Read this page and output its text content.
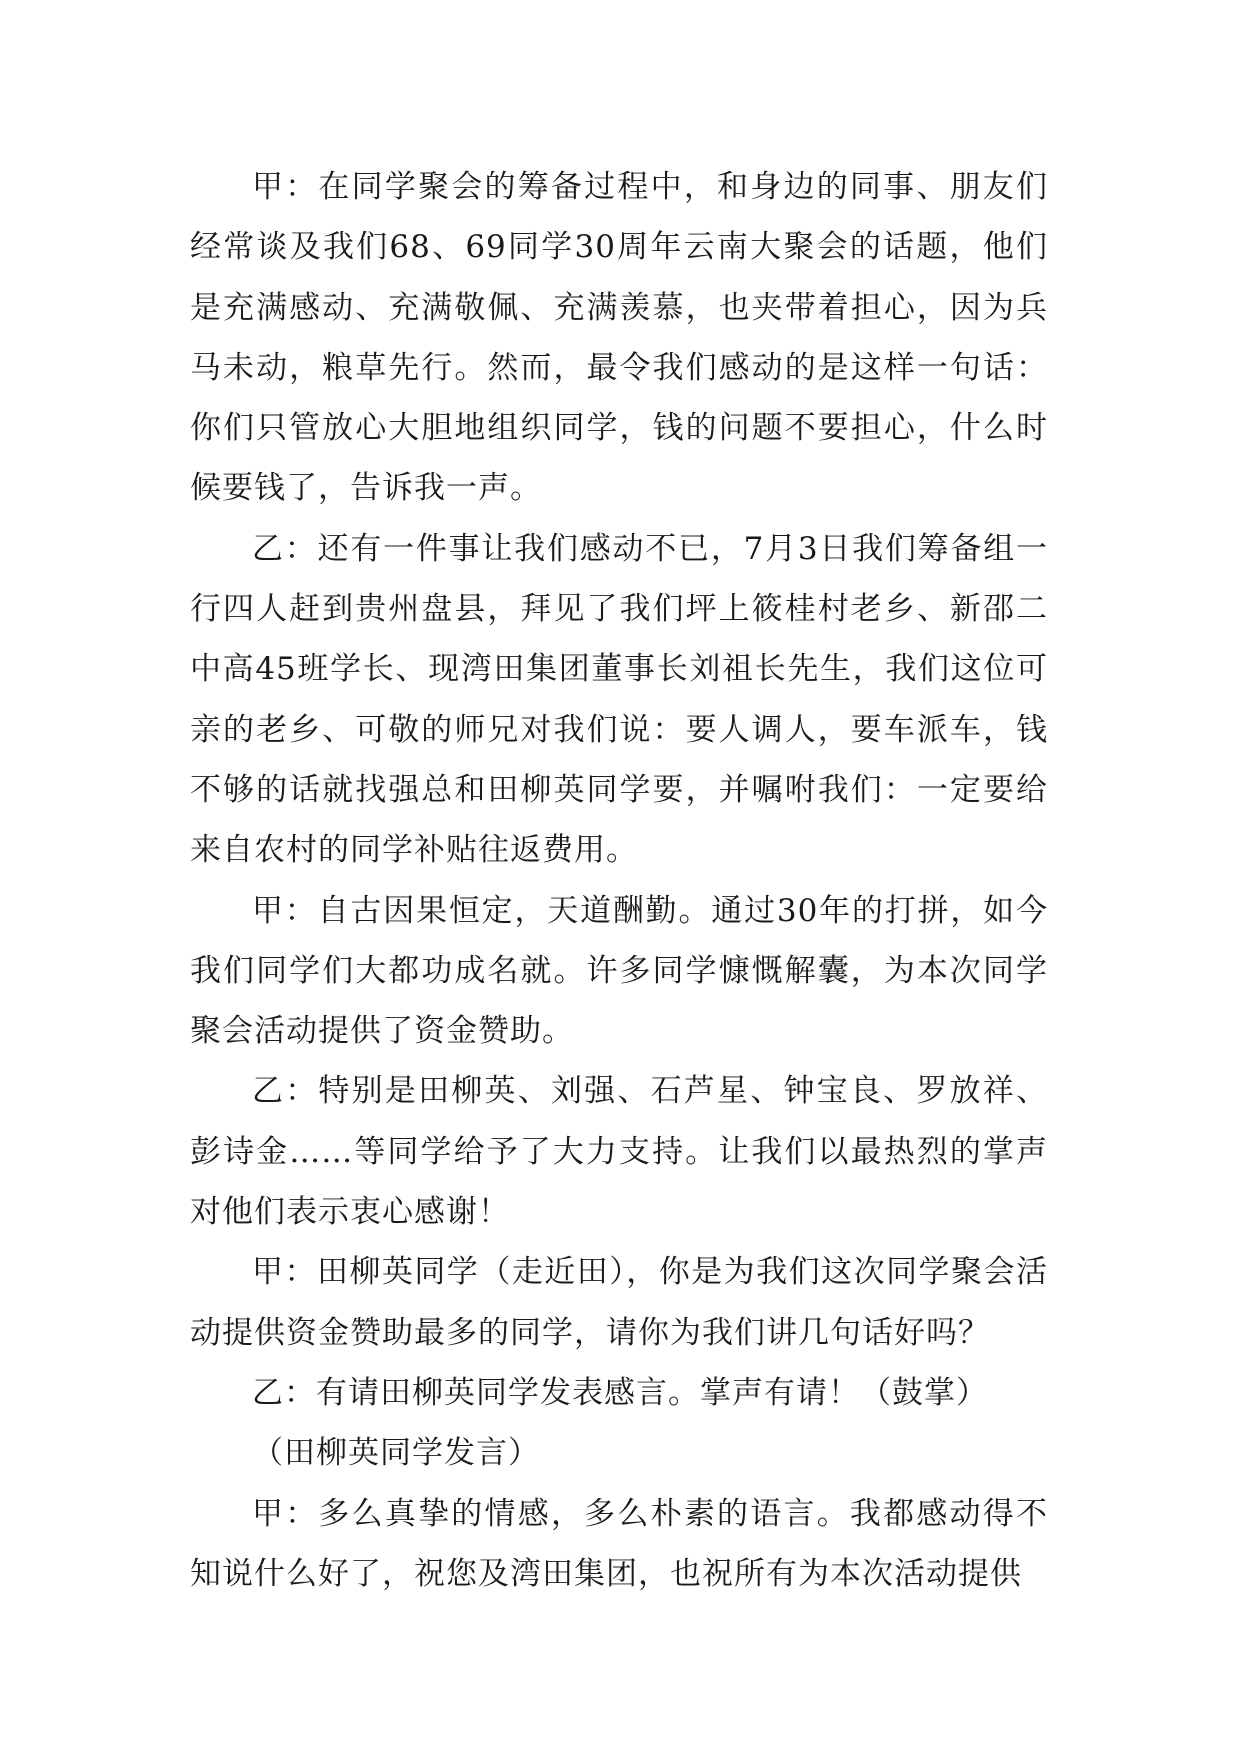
甲：在同学聚会的筹备过程中，和身边的同事、朋友们经常谈及我们68、69同学30周年云南大聚会的话题，他们是充满感动、充满敬佩、充满羡慕，也夹带着担心，因为兵马未动，粮草先行。然而，最令我们感动的是这样一句话：你们只管放心大胆地组织同学，钱的问题不要担心，什么时候要钱了，告诉我一声。

乙：还有一件事让我们感动不已，7月3日我们筹备组一行四人赶到贵州盘县，拜见了我们坪上筱桂村老乡、新邵二中高45班学长、现湾田集团董事长刘祖长先生，我们这位可亲的老乡、可敬的师兄对我们说：要人调人，要车派车，钱不够的话就找强总和田柳英同学要，并嘱咐我们：一定要给来自农村的同学补贴往返费用。

甲：自古因果恒定，天道酬勤。通过30年的打拼，如今我们同学们大都功成名就。许多同学慷慨解囊，为本次同学聚会活动提供了资金赞助。

乙：特别是田柳英、刘强、石芦星、钟宝良、罗放祥、彭诗金……等同学给予了大力支持。让我们以最热烈的掌声对他们表示衷心感谢！

甲：田柳英同学（走近田），你是为我们这次同学聚会活动提供资金赞助最多的同学，请你为我们讲几句话好吗？

乙：有请田柳英同学发表感言。掌声有请！（鼓掌）

（田柳英同学发言）

甲：多么真挚的情感，多么朴素的语言。我都感动得不知说什么好了，祝您及湾田集团，也祝所有为本次活动提供
